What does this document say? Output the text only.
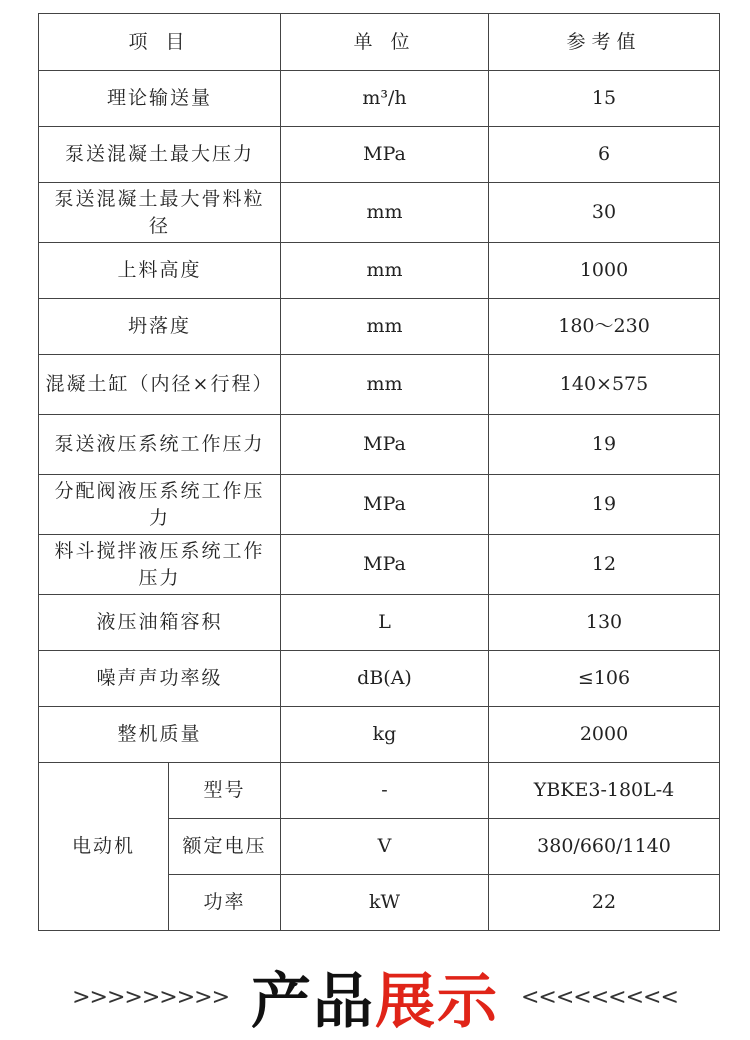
项 目		单 位	参考值
理论输送量		m³/h	15
泵送混凝土最大压力		MPa	6
泵送混凝土最大骨料粒径		mm	30
上料高度		mm	1000
坍落度		mm	180～230
混凝土缸（内径×行程）		mm	140×575
泵送液压系统工作压力		MPa	19
分配阀液压系统工作压力		MPa	19
料斗搅拌液压系统工作压力		MPa	12
液压油箱容积		L	130
噪声声功率级		dB(A)	≤106
整机质量		kg	2000
电动机	型号	-	YBKE3-180L-4
	额定电压	V	380/660/1140
	功率	kW	22
>>>>>>>>> 产品展示 <<<<<<<<<
